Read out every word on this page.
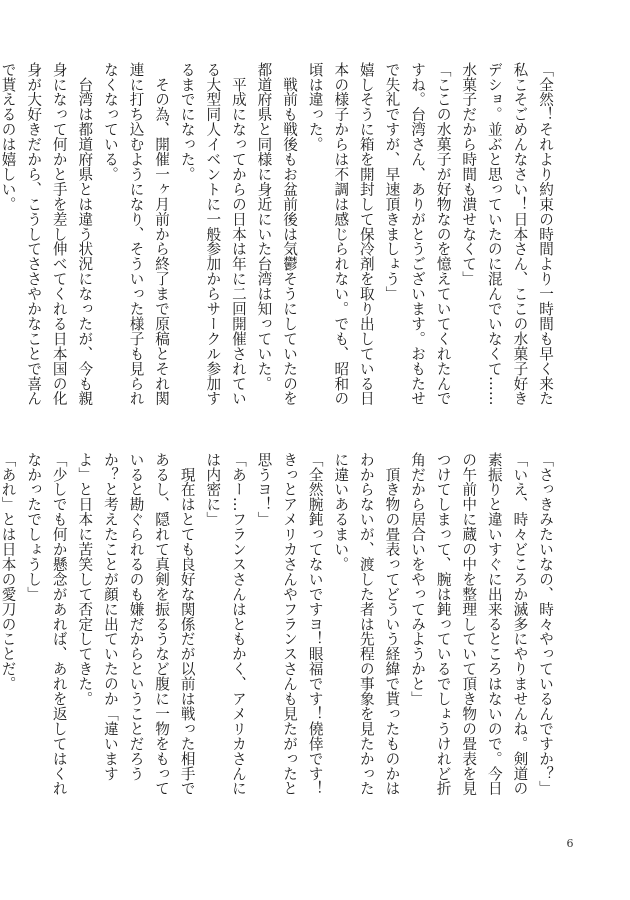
「全然！それより約束の時間より一時間も早く来た私こそごめんなさい！日本さん、ここの水菓子好きデショ。並ぶと思っていたのに混んでいなくて……水菓子だから時間も潰せなくて」

「ここの水菓子が好物なのを憶えていてくれたんですね。台湾さん、ありがとうございます。おもたせで失礼ですが、早速頂きましょう」

嬉しそうに箱を開封して保冷剤を取り出している日本の様子からは不調は感じられない。でも、昭和の頃は違った。

　戦前も戦後もお盆前後は気鬱そうにしていたのを都道府県と同様に身近にいた台湾は知っていた。

　平成になってからの日本は年に二回開催されている大型同人イベントに一般参加からサークル参加するまでになった。

　その為、開催一ヶ月前から終了まで原稿とそれ関連に打ち込むようになり、そういった様子も見られなくなっている。

　台湾は都道府県とは違う状況になったが、今も親身になって何かと手を差し伸べてくれる日本国の化身が大好きだから、こうしてささやかなことで喜んで貰えるのは嬉しい。

「さっきみたいなの、時々やっているんですか？」

「いえ、時々どころか滅多にやりませんね。剣道の素振りと違いすぐに出来るところはないので。今日の午前中に蔵の中を整理していて頂き物の畳表を見つけてしまって、腕は鈍っているでしょうけれど折角だから居合いをやってみようかと」

　頂き物の畳表ってどういう経緯で貰ったものかはわからないが、渡した者は先程の事象を見たかったに違いあるまい。

「全然腕鈍ってないですヨ！眼福です！僥倖です！きっとアメリカさんやフランスさんも見たがったと思うヨ！」

「あー…フランスさんはともかく、アメリカさんには内密に」

　現在はとても良好な関係だが以前は戦った相手であるし、隠れて真剣を振るうなど腹に一物をもっていると勘ぐられるのも嫌だからということだろうか？と考えたことが顔に出ていたのか「違いますよ」と日本に苦笑して否定してきた。

「少しでも何か懸念があれば、あれを返してはくれなかったでしょうし」

「あれ」とは日本の愛刀のことだ。

6
